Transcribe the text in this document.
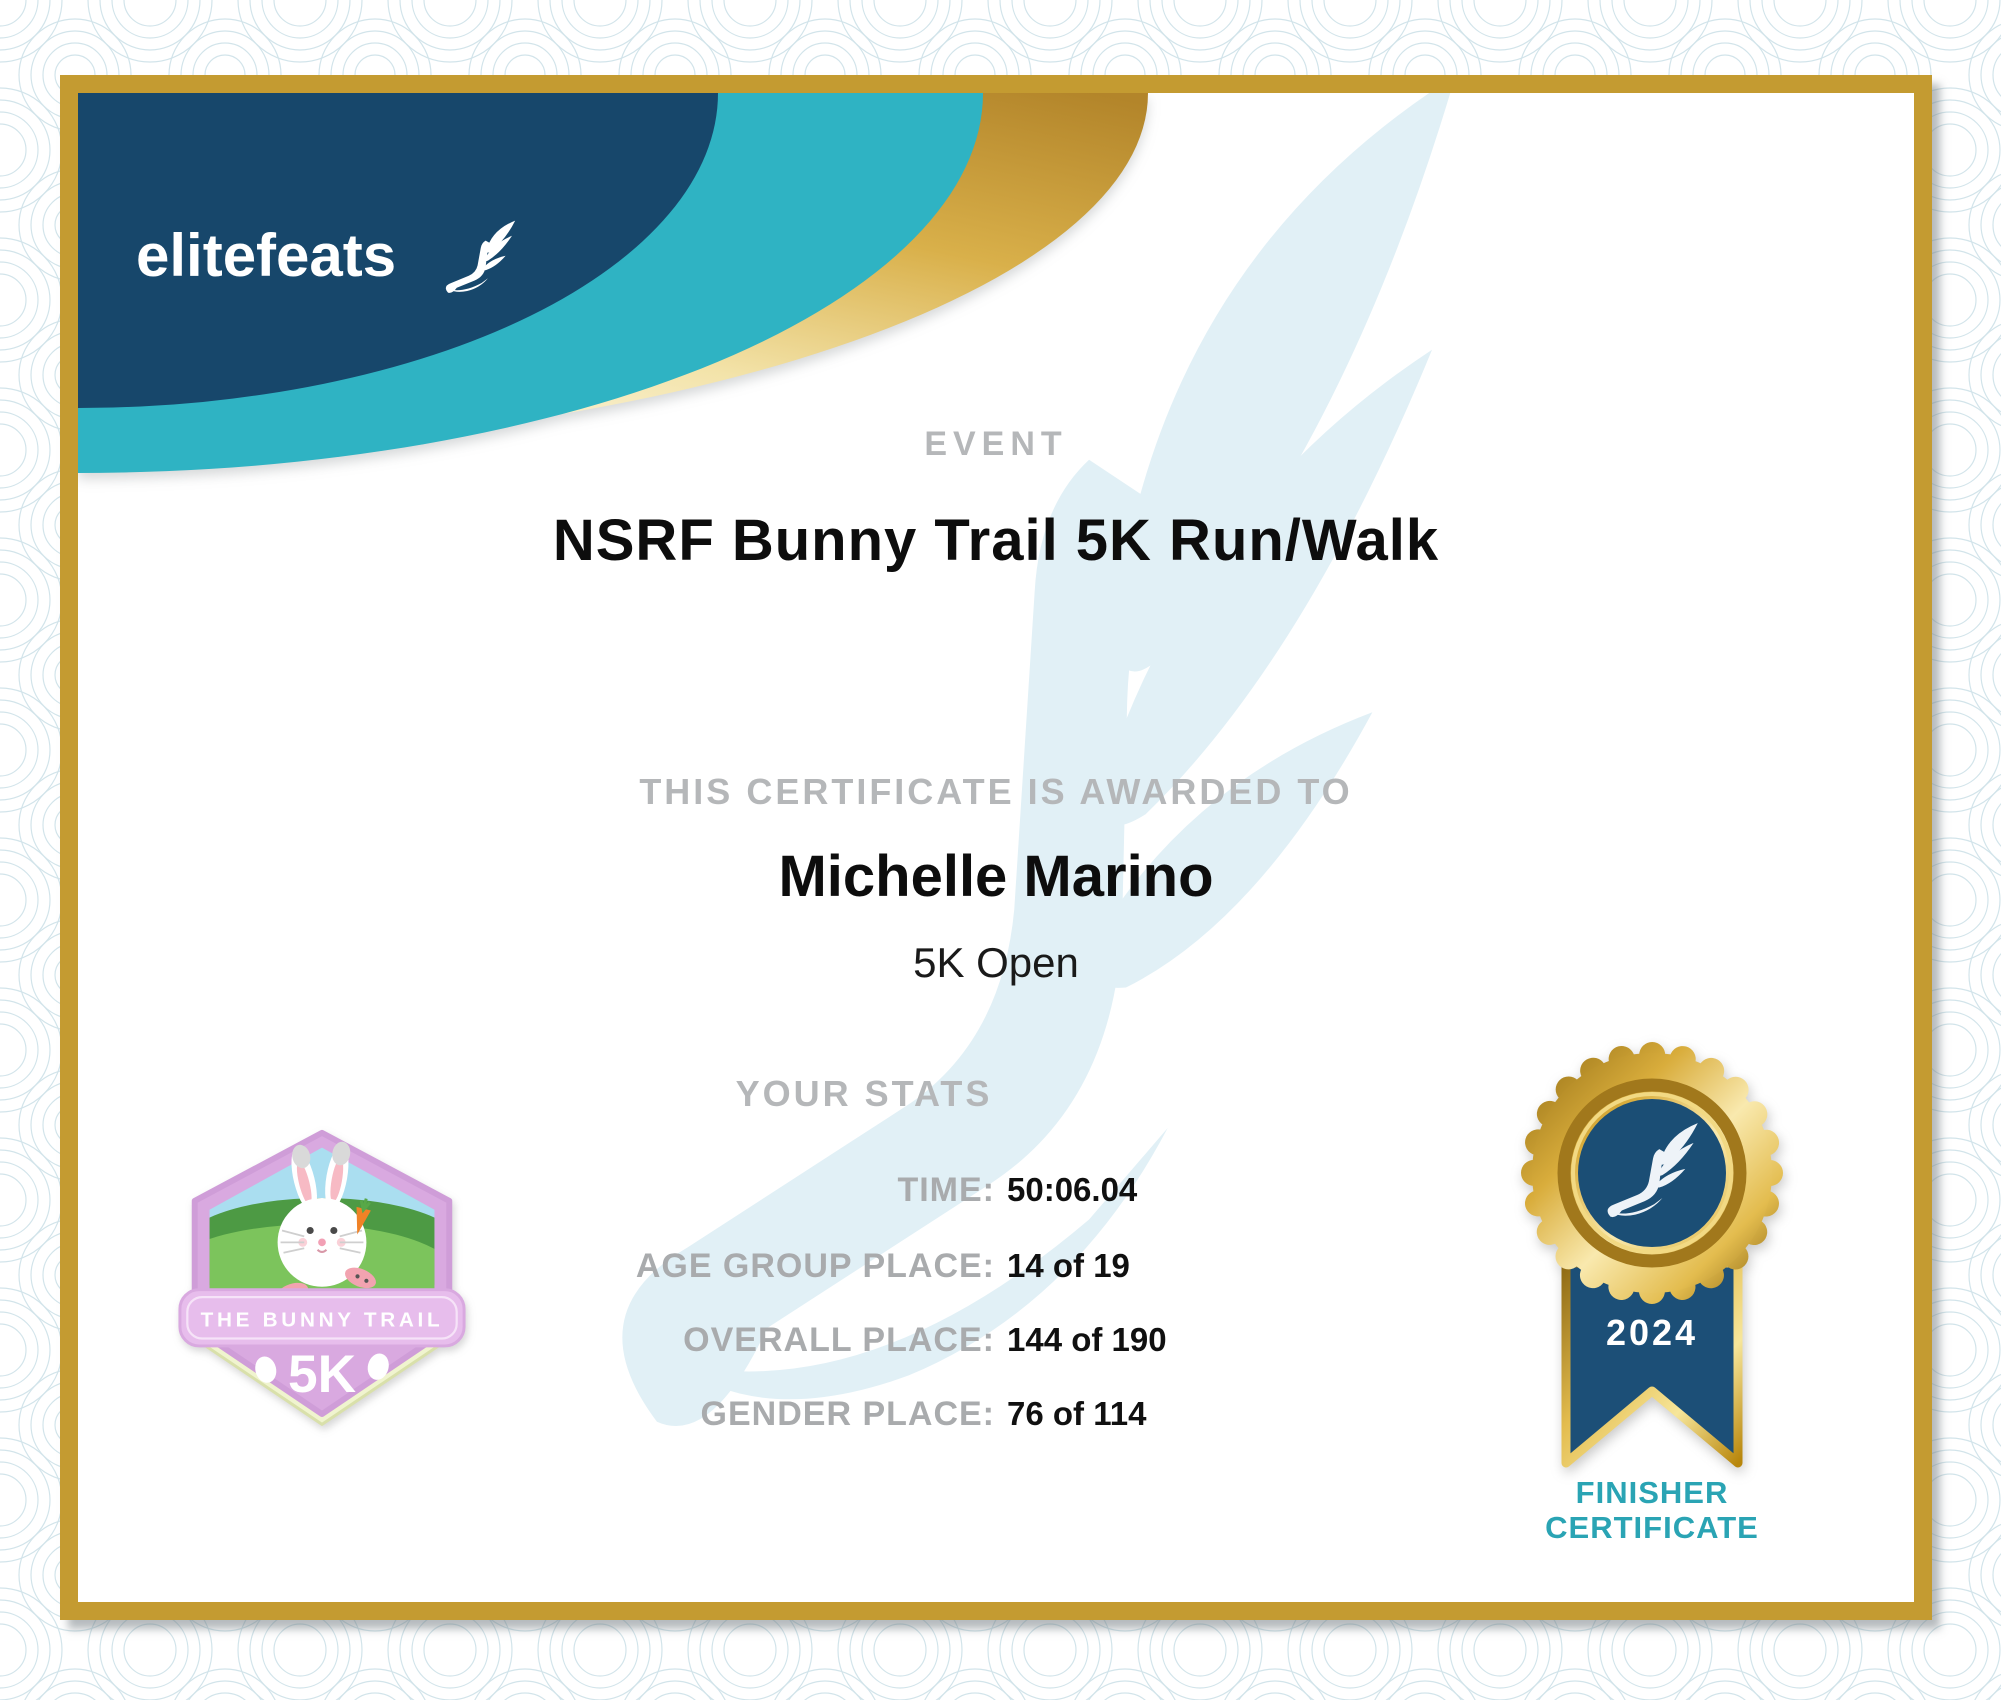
elitefeats
EVENT
NSRF Bunny Trail 5K Run/Walk
THIS CERTIFICATE IS AWARDED TO
Michelle Marino
5K Open
YOUR STATS
TIME: 50:06.04
AGE GROUP PLACE: 14 of 19
OVERALL PLACE: 144 of 190
GENDER PLACE: 76 of 114
THE BUNNY TRAIL
5K
2024
FINISHER
CERTIFICATE
